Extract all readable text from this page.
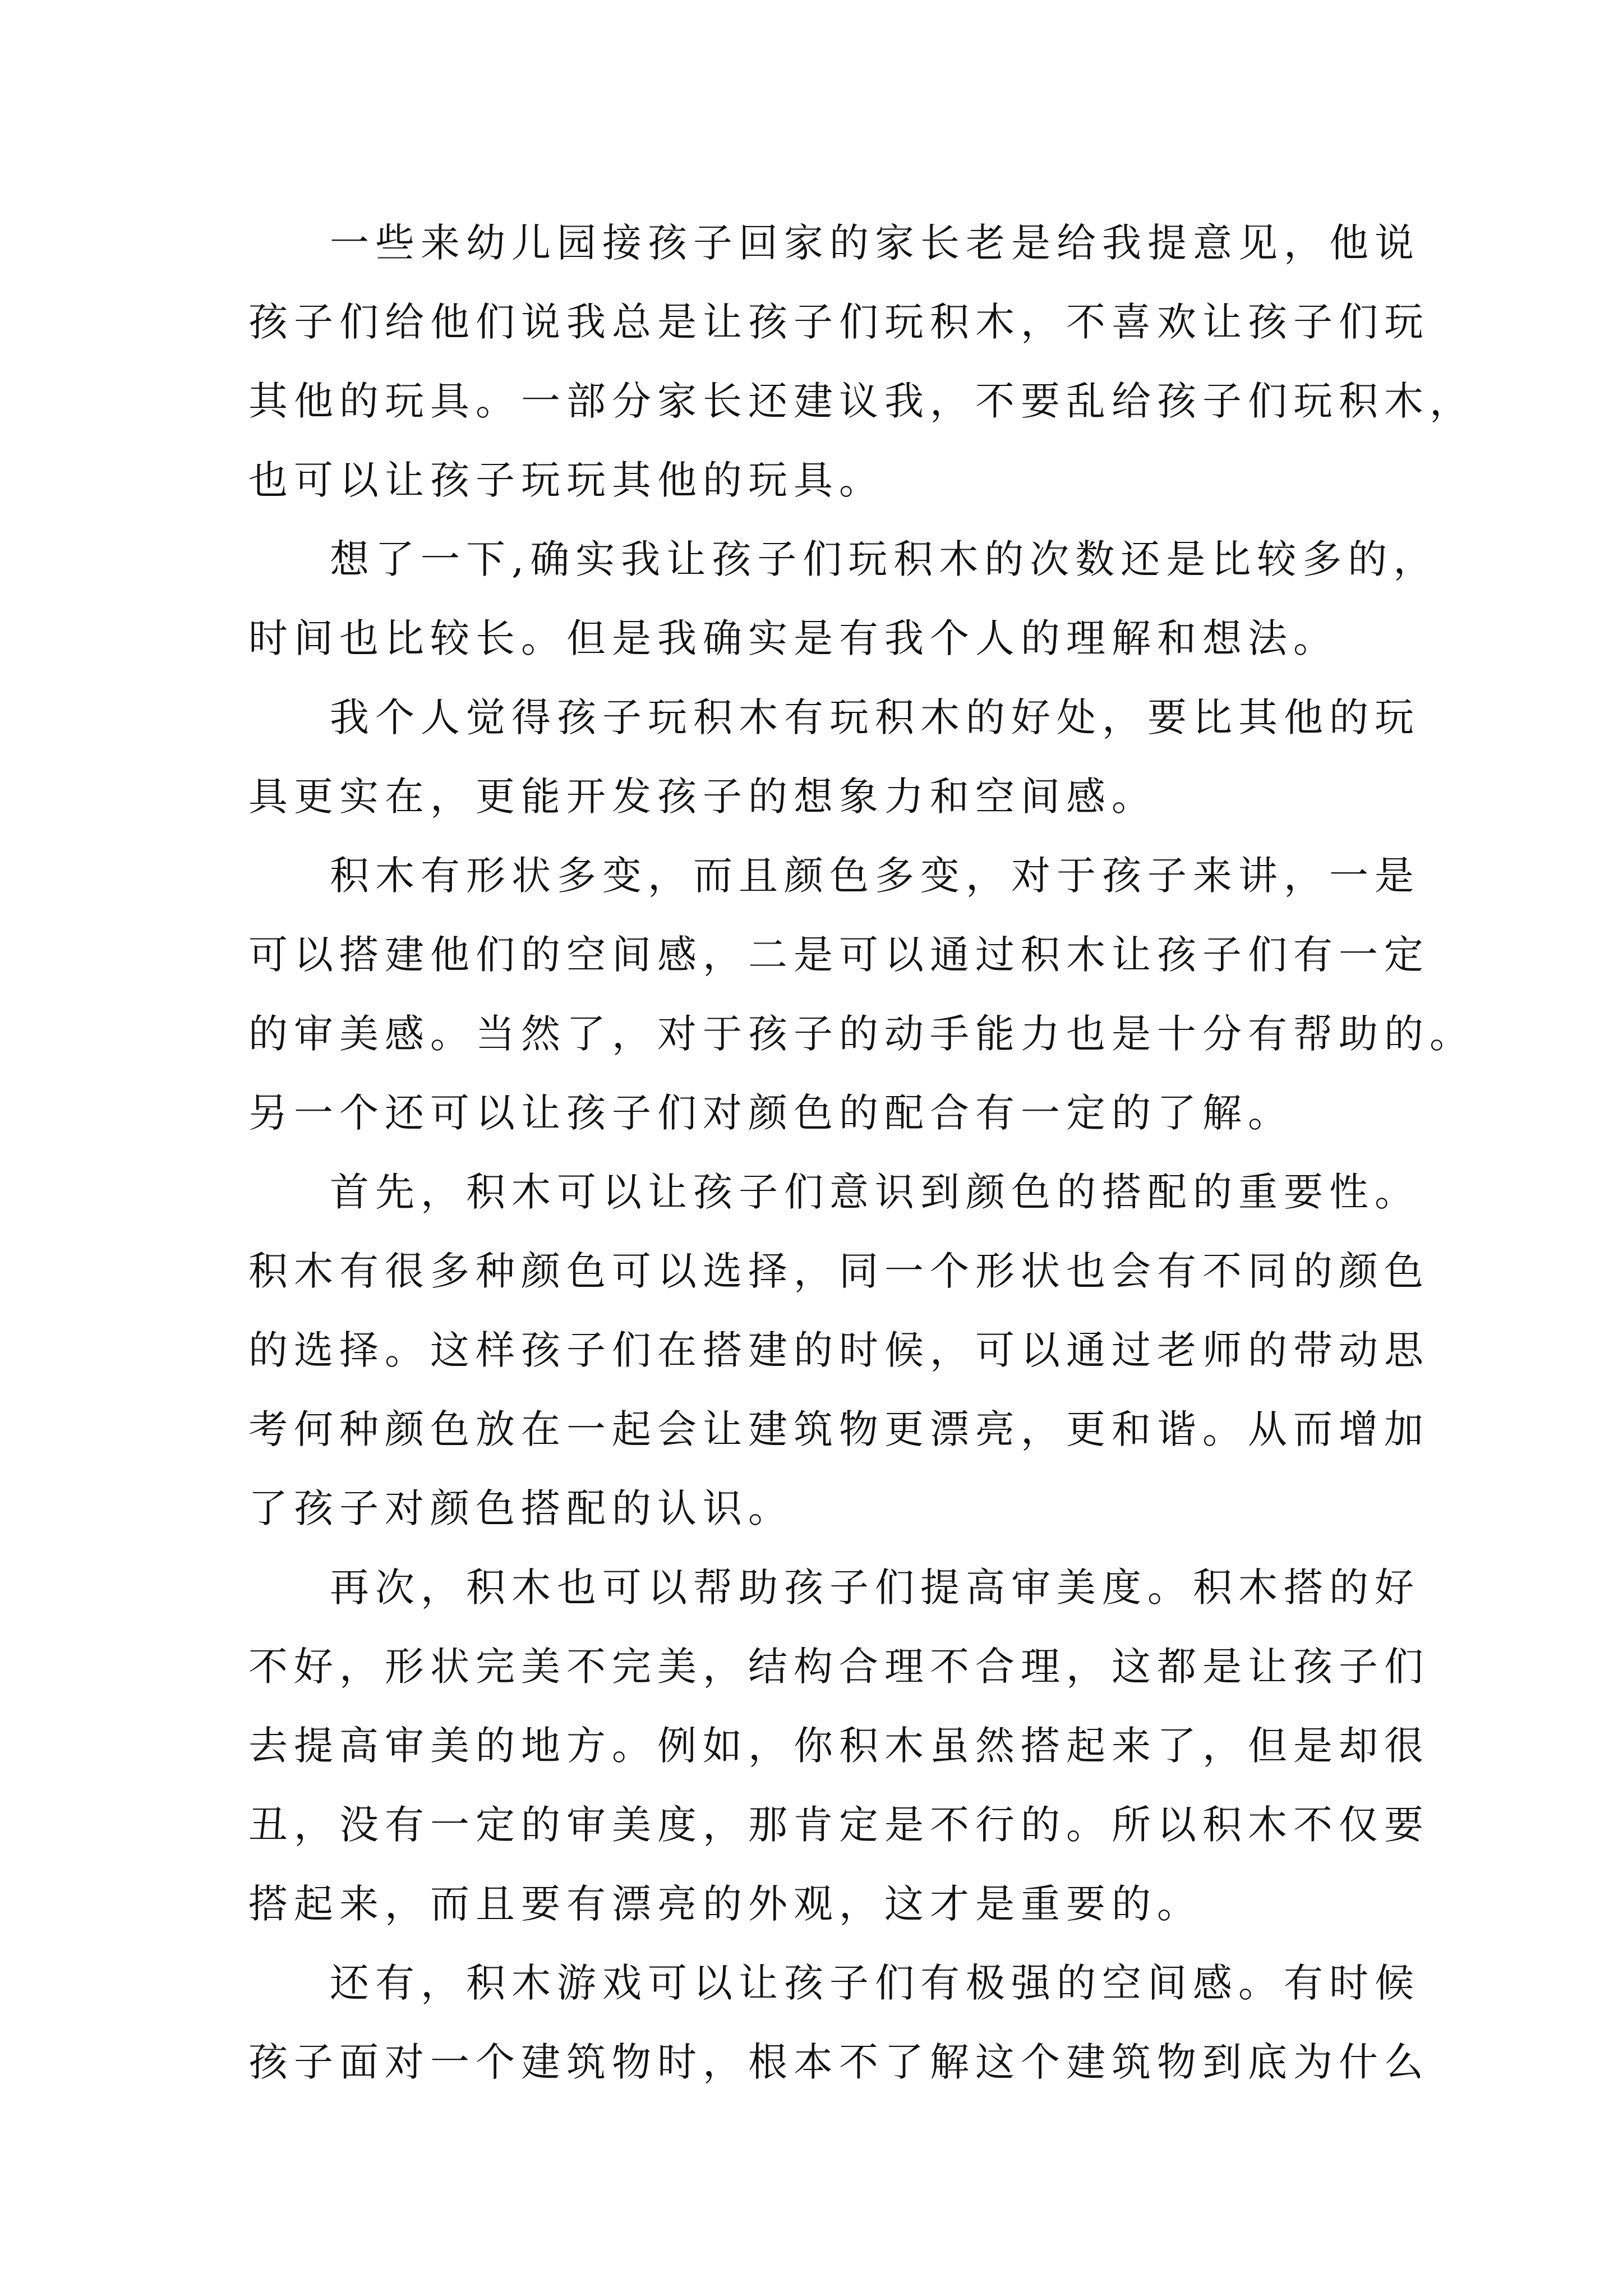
一些来幼儿园接孩子回家的家长老是给我提意见，他说
孩子们给他们说我总是让孩子们玩积木，不喜欢让孩子们玩
其他的玩具。一部分家长还建议我，不要乱给孩子们玩积木，
也可以让孩子玩玩其他的玩具。
想了一下,确实我让孩子们玩积木的次数还是比较多的，
时间也比较长。但是我确实是有我个人的理解和想法。
我个人觉得孩子玩积木有玩积木的好处，要比其他的玩
具更实在，更能开发孩子的想象力和空间感。
积木有形状多变，而且颜色多变，对于孩子来讲，一是
可以搭建他们的空间感，二是可以通过积木让孩子们有一定
的审美感。当然了，对于孩子的动手能力也是十分有帮助的。
另一个还可以让孩子们对颜色的配合有一定的了解。
首先，积木可以让孩子们意识到颜色的搭配的重要性。
积木有很多种颜色可以选择，同一个形状也会有不同的颜色
的选择。这样孩子们在搭建的时候，可以通过老师的带动思
考何种颜色放在一起会让建筑物更漂亮，更和谐。从而增加
了孩子对颜色搭配的认识。
再次，积木也可以帮助孩子们提高审美度。积木搭的好
不好，形状完美不完美，结构合理不合理，这都是让孩子们
去提高审美的地方。例如，你积木虽然搭起来了，但是却很
丑，没有一定的审美度，那肯定是不行的。所以积木不仅要
搭起来，而且要有漂亮的外观，这才是重要的。
还有，积木游戏可以让孩子们有极强的空间感。有时候
孩子面对一个建筑物时，根本不了解这个建筑物到底为什么
